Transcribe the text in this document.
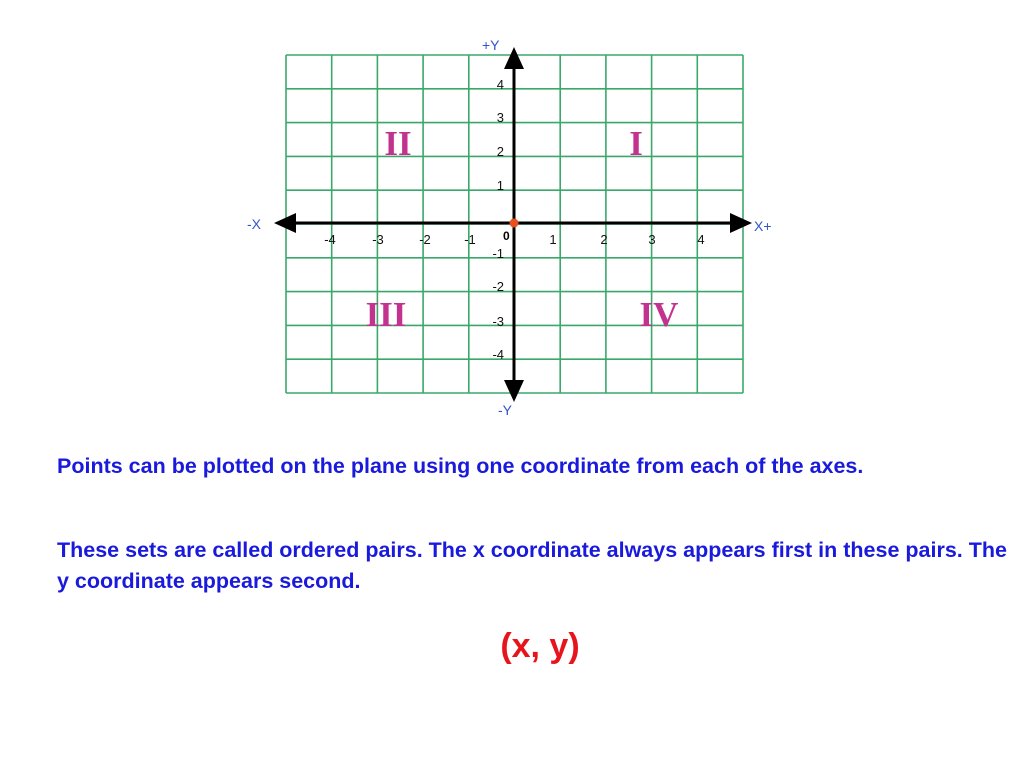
X+
-X
+Y
-Y
0
-4	-3	-2	-1	1	2	3	4
4
3
2
1
-1
-2
-3
-4
II	I
III	IV

Points can be plotted on the plane using one coordinate from each of the axes.

These sets are called ordered pairs. The x coordinate always appears first in these pairs. The y coordinate appears second.

(x, y)
